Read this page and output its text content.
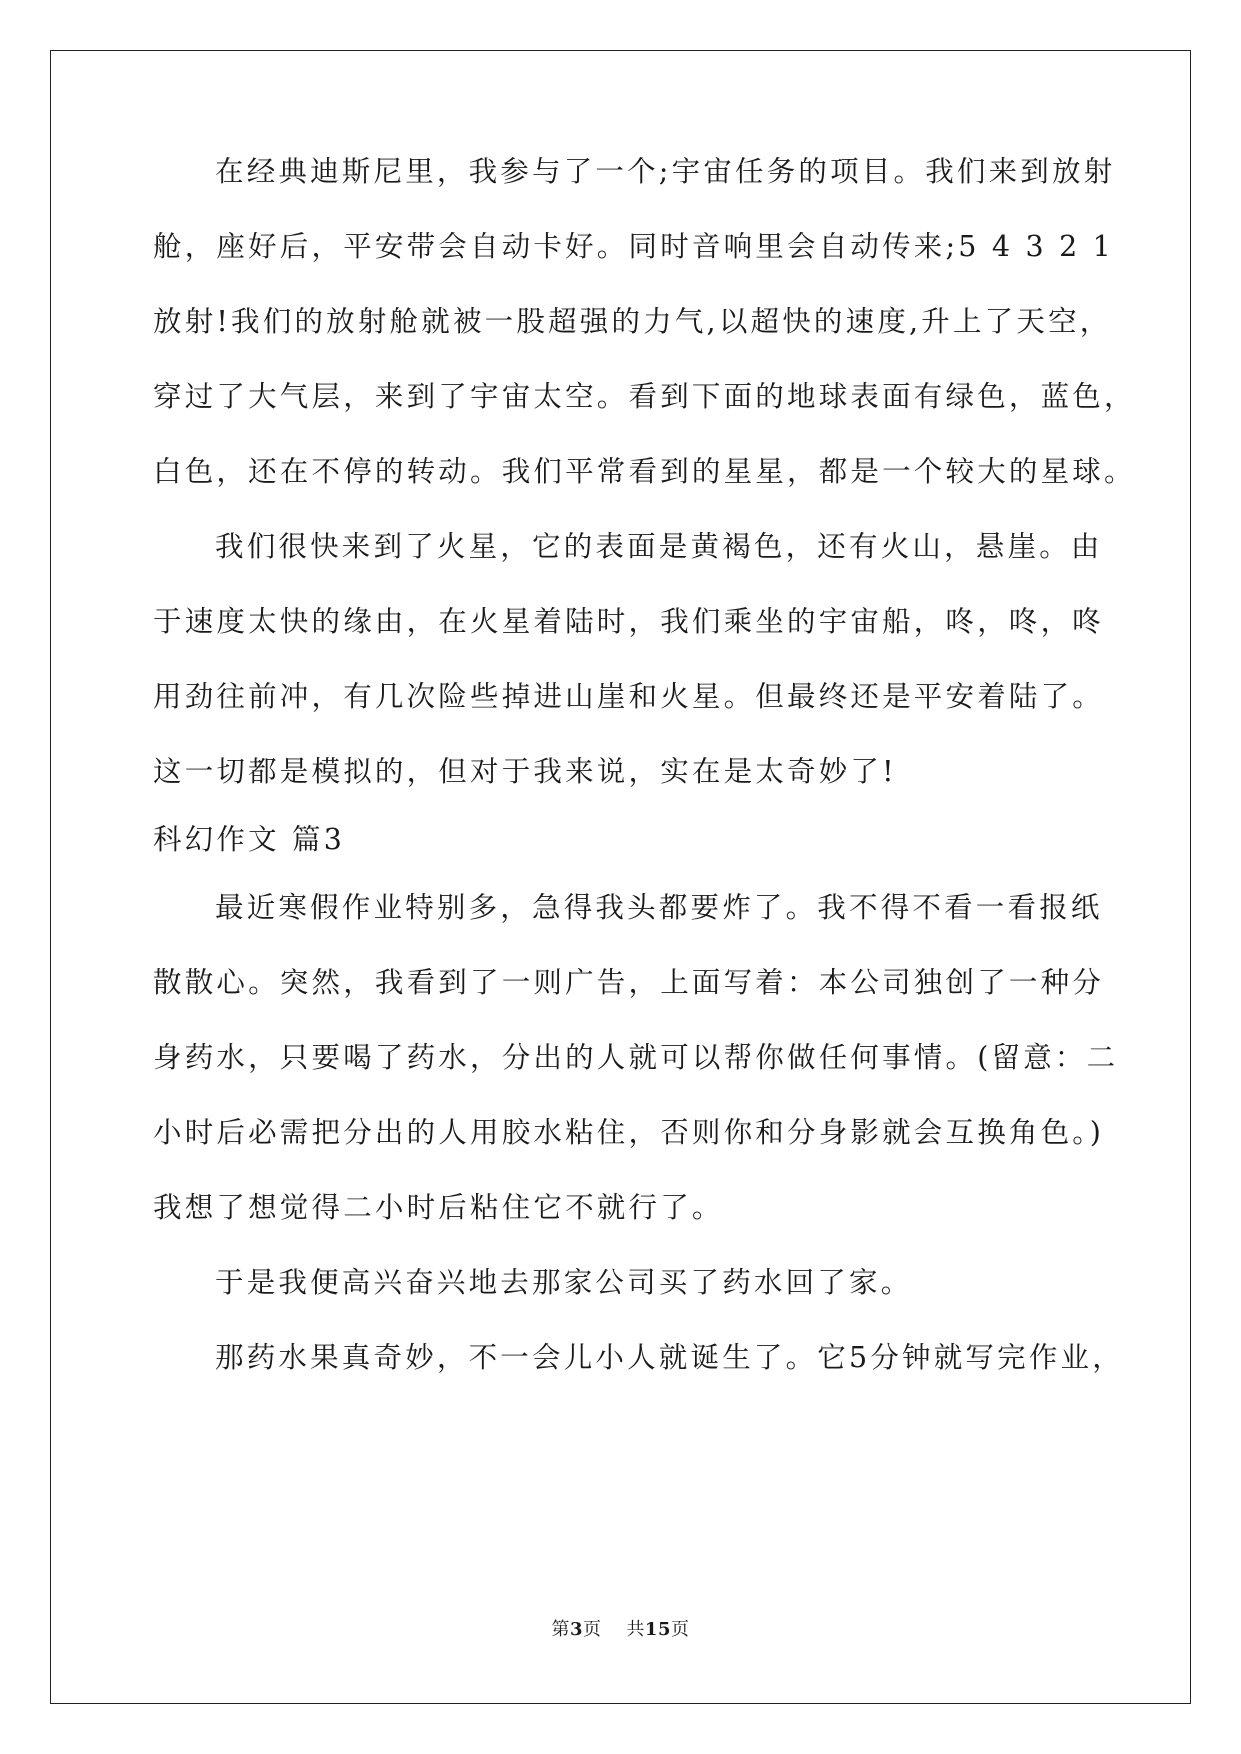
在经典迪斯尼里，我参与了一个;宇宙任务的项目。我们来到放射
舱，座好后，平安带会自动卡好。同时音响里会自动传来;5 4 3 2 1
放射!我们的放射舱就被一股超强的力气,以超快的速度,升上了天空，
穿过了大气层，来到了宇宙太空。看到下面的地球表面有绿色，蓝色，
白色，还在不停的转动。我们平常看到的星星，都是一个较大的星球。
我们很快来到了火星，它的表面是黄褐色，还有火山，悬崖。由
于速度太快的缘由，在火星着陆时，我们乘坐的宇宙船，咚，咚，咚
用劲往前冲，有几次险些掉进山崖和火星。但最终还是平安着陆了。
这一切都是模拟的，但对于我来说，实在是太奇妙了!
科幻作文 篇3
最近寒假作业特别多，急得我头都要炸了。我不得不看一看报纸
散散心。突然，我看到了一则广告，上面写着：本公司独创了一种分
身药水，只要喝了药水，分出的人就可以帮你做任何事情。(留意：二
小时后必需把分出的人用胶水粘住，否则你和分身影就会互换角色。)
我想了想觉得二小时后粘住它不就行了。
于是我便高兴奋兴地去那家公司买了药水回了家。
那药水果真奇妙，不一会儿小人就诞生了。它5分钟就写完作业，
第3页 共15页
